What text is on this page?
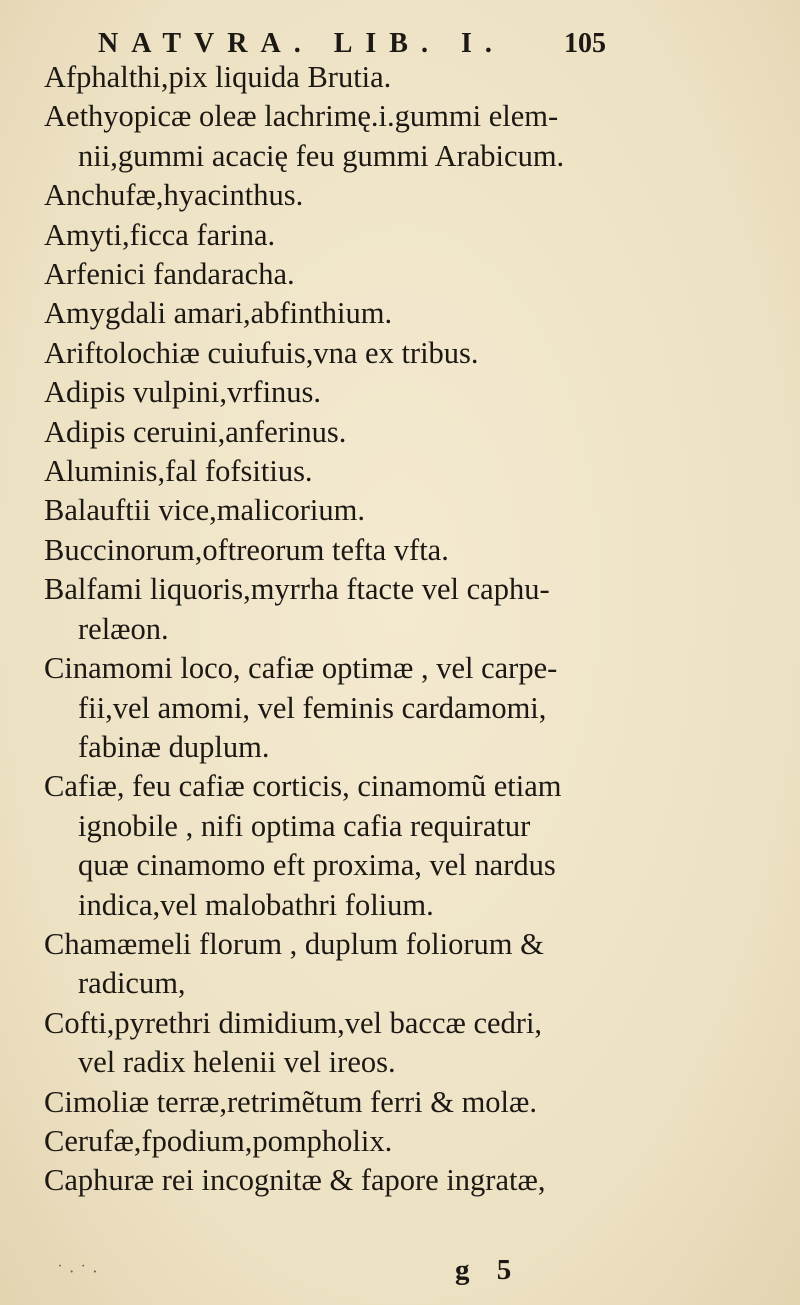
NATVRA. LIB. I. 105
Afphalthi,pix liquida Brutia.
Aethyopicæ oleæ lachrimę.i.gummi elem-
nii,gummi acacię feu gummi Arabicum.
Anchufæ,hyacinthus.
Amyti,ficca farina.
Arfenici fandaracha.
Amygdali amari,abfinthium.
Ariftolochiæ cuiufuis,vna ex tribus.
Adipis vulpini,vrfinus.
Adipis ceruini,anferinus.
Aluminis,fal fofsitius.
Balauftii vice,malicorium.
Buccinorum,oftreorum tefta vfta.
Balfami liquoris,myrrha ftacte vel caphu-
relæon.
Cinamomi loco, cafiæ optimæ , vel carpe-
fii,vel amomi, vel feminis cardamomi,
fabinæ duplum.
Cafiæ, feu cafiæ corticis, cinamomũ etiam
ignobile , nifi optima cafia requiratur
quæ cinamomo eft proxima, vel nardus
indica,vel malobathri folium.
Chamæmeli florum , duplum foliorum &
radicum,
Cofti,pyrethri dimidium,vel baccæ cedri,
vel radix helenii vel ireos.
Cimoliæ terræ,retrimẽtum ferri & molæ.
Cerufæ,fpodium,pompholix.
Caphuræ rei incognitæ & fapore ingratæ,
˙ · ˙ ·	g 5
